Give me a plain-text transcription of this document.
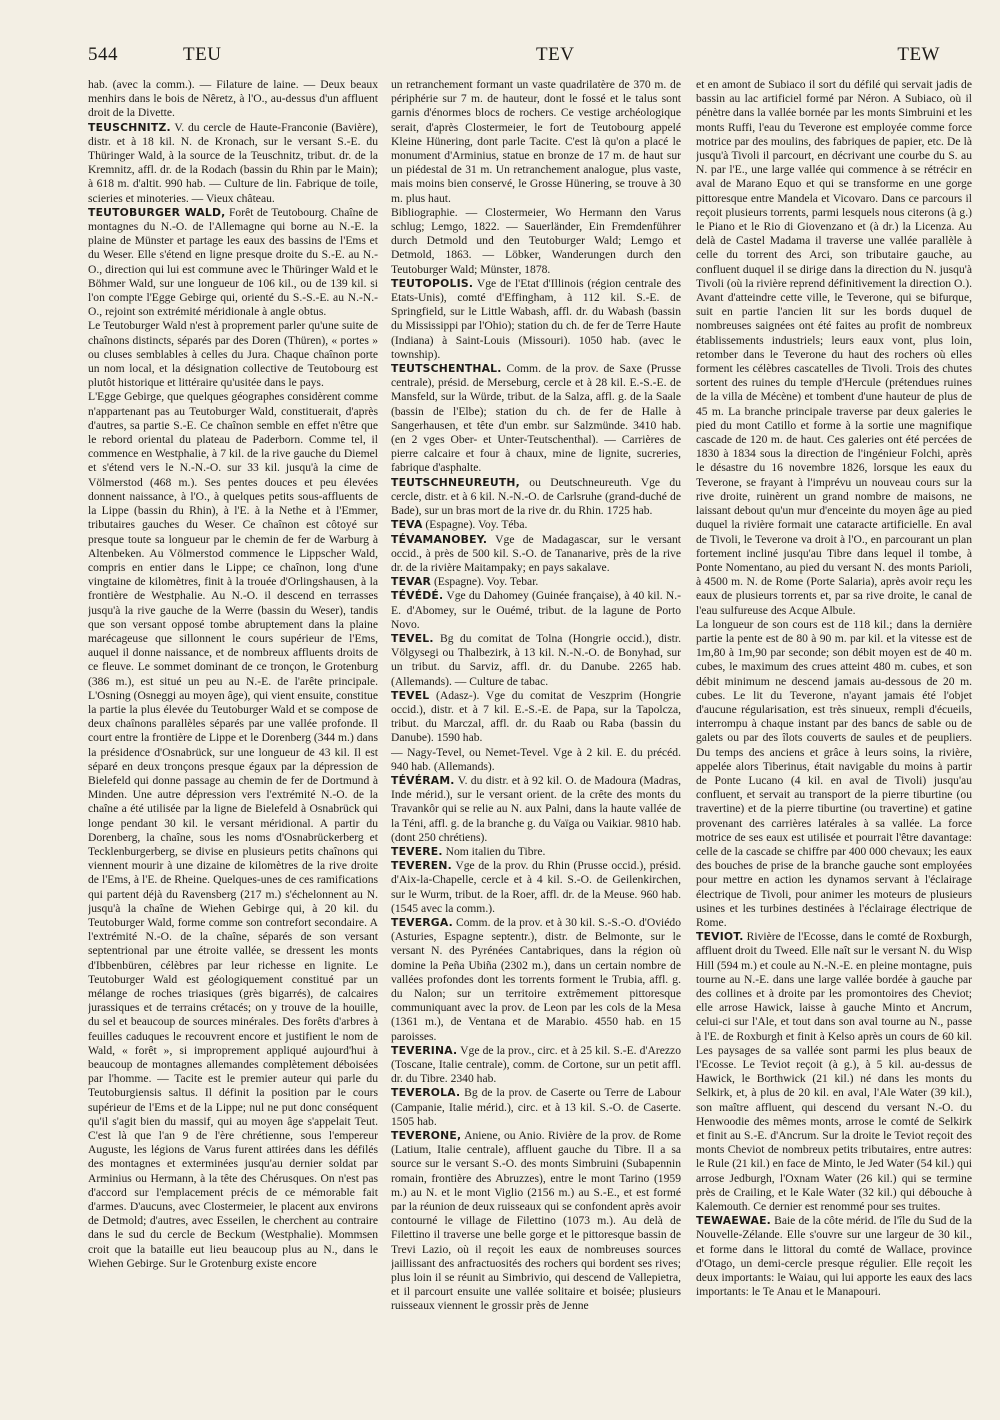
544	TEU	TEV	TEW

hab. (avec la comm.). — Filature de laine. — Deux beaux menhirs dans le bois de Nêretz, à l'O., au-dessus d'un affluent droit de la Divette.

TEUSCHNITZ. V. du cercle de Haute-Franconie (Bavière), distr. et à 18 kil. N. de Kronach, sur le versant S.-E. du Thüringer Wald, à la source de la Teuschnitz, tribut. dr. de la Kremnitz, affl. dr. de la Rodach (bassin du Rhin par le Main); à 618 m. d'altit. 990 hab. — Culture de lin. Fabrique de toile, scieries et minoteries. — Vieux château.

TEUTOBURGER WALD, Forêt de Teutobourg. Chaîne de montagnes du N.-O. de l'Allemagne qui borne au N.-E. la plaine de Münster et partage les eaux des bassins de l'Ems et du Weser. Elle s'étend en ligne presque droite du S.-E. au N.-O., direction qui lui est commune avec le Thüringer Wald et le Böhmer Wald, sur une longueur de 106 kil., ou de 139 kil. si l'on compte l'Egge Gebirge qui, orienté du S.-S.-E. au N.-N.-O., rejoint son extrémité méridionale à angle obtus.

Le Teutoburger Wald n'est à proprement parler qu'une suite de chaînons distincts, séparés par des Doren (Thüren), « portes » ou cluses semblables à celles du Jura. Chaque chaînon porte un nom local, et la désignation collective de Teutobourg est plutôt historique et littéraire qu'usitée dans le pays.

L'Egge Gebirge, que quelques géographes considèrent comme n'appartenant pas au Teutoburger Wald, constituerait, d'après d'autres, sa partie S.-E. Ce chaînon semble en effet n'être que le rebord oriental du plateau de Paderborn. Comme tel, il commence en Westphalie, à 7 kil. de la rive gauche du Diemel et s'étend vers le N.-N.-O. sur 33 kil. jusqu'à la cime de Völmerstod (468 m.). Ses pentes douces et peu élevées donnent naissance, à l'O., à quelques petits sous-affluents de la Lippe (bassin du Rhin), à l'E. à la Nethe et à l'Emmer, tributaires gauches du Weser. Ce chaînon est côtoyé sur presque toute sa longueur par le chemin de fer de Warburg à Altenbeken. Au Völmerstod commence le Lippscher Wald, compris en entier dans le Lippe; ce chaînon, long d'une vingtaine de kilomètres, finit à la trouée d'Orlingshausen, à la frontière de Westphalie. Au N.-O. il descend en terrasses jusqu'à la rive gauche de la Werre (bassin du Weser), tandis que son versant opposé tombe abruptement dans la plaine marécageuse que sillonnent le cours supérieur de l'Ems, auquel il donne naissance, et de nombreux affluents droits de ce fleuve. Le sommet dominant de ce tronçon, le Grotenburg (386 m.), est situé un peu au N.-E. de l'arête principale. L'Osning (Osneggi au moyen âge), qui vient ensuite, constitue la partie la plus élevée du Teutoburger Wald et se compose de deux chaînons parallèles séparés par une vallée profonde. Il court entre la frontière de Lippe et le Dorenberg (344 m.) dans la présidence d'Osnabrück, sur une longueur de 43 kil. Il est séparé en deux tronçons presque égaux par la dépression de Bielefeld qui donne passage au chemin de fer de Dortmund à Minden. Une autre dépression vers l'extrémité N.-O. de la chaîne a été utilisée par la ligne de Bielefeld à Osnabrück qui longe pendant 30 kil. le versant méridional. A partir du Dorenberg, la chaîne, sous les noms d'Osnabrückerberg et Tecklenburgerberg, se divise en plusieurs petits chaînons qui viennent mourir à une dizaine de kilomètres de la rive droite de l'Ems, à l'E. de Rheine. Quelques-unes de ces ramifications qui partent déjà du Ravensberg (217 m.) s'échelonnent au N. jusqu'à la chaîne de Wiehen Gebirge qui, à 20 kil. du Teutoburger Wald, forme comme son contrefort secondaire. A l'extrémité N.-O. de la chaîne, séparés de son versant septentrional par une étroite vallée, se dressent les monts d'Ibbenbüren, célèbres par leur richesse en lignite. Le Teutoburger Wald est géologiquement constitué par un mélange de roches triasiques (grès bigarrés), de calcaires jurassiques et de terrains crétacés; on y trouve de la houille, du sel et beaucoup de sources minérales. Des forêts d'arbres à feuilles caduques le recouvrent encore et justifient le nom de Wald, « forêt », si improprement appliqué aujourd'hui à beaucoup de montagnes allemandes complètement déboisées par l'homme. — Tacite est le premier auteur qui parle du Teutoburgiensis saltus. Il définit la position par le cours supérieur de l'Ems et de la Lippe; nul ne put donc conséquent qu'il s'agit bien du massif, qui au moyen âge s'appelait Teut. C'est là que l'an 9 de l'ère chrétienne, sous l'empereur Auguste, les légions de Varus furent attirées dans les défilés des montagnes et exterminées jusqu'au dernier soldat par Arminius ou Hermann, à la tête des Chérusques. On n'est pas d'accord sur l'emplacement précis de ce mémorable fait d'armes. D'aucuns, avec Clostermeier, le placent aux environs de Detmold; d'autres, avec Esseilen, le cherchent au contraire dans le sud du cercle de Beckum (Westphalie). Mommsen croit que la bataille eut lieu beaucoup plus au N., dans le Wiehen Gebirge. Sur le Grotenburg existe encore

un retranchement formant un vaste quadrilatère de 370 m. de périphérie sur 7 m. de hauteur, dont le fossé et le talus sont garnis d'énormes blocs de rochers. Ce vestige archéologique serait, d'après Clostermeier, le fort de Teutobourg appelé Kleine Hünering, dont parle Tacite. C'est là qu'on a placé le monument d'Arminius, statue en bronze de 17 m. de haut sur un piédestal de 31 m. Un retranchement analogue, plus vaste, mais moins bien conservé, le Grosse Hünering, se trouve à 30 m. plus haut.

Bibliographie. — Clostermeier, Wo Hermann den Varus schlug; Lemgo, 1822. — Sauerländer, Ein Fremdenführer durch Detmold und den Teutoburger Wald; Lemgo et Detmold, 1863. — Löbker, Wanderungen durch den Teutoburger Wald; Münster, 1878.

TEUTOPOLIS. Vge de l'Etat d'Illinois (région centrale des Etats-Unis), comté d'Effingham, à 112 kil. S.-E. de Springfield, sur le Little Wabash, affl. dr. du Wabash (bassin du Mississippi par l'Ohio); station du ch. de fer de Terre Haute (Indiana) à Saint-Louis (Missouri). 1050 hab. (avec le township).

TEUTSCHENTHAL. Comm. de la prov. de Saxe (Prusse centrale), présid. de Merseburg, cercle et à 28 kil. E.-S.-E. de Mansfeld, sur la Würde, tribut. de la Salza, affl. g. de la Saale (bassin de l'Elbe); station du ch. de fer de Halle à Sangerhausen, et tête d'un embr. sur Salzmünde. 3410 hab. (en 2 vges Ober- et Unter-Teutschenthal). — Carrières de pierre calcaire et four à chaux, mine de lignite, sucreries, fabrique d'asphalte.

TEUTSCHNEUREUTH, ou Deutschneureuth. Vge du cercle, distr. et à 6 kil. N.-N.-O. de Carlsruhe (grand-duché de Bade), sur un bras mort de la rive dr. du Rhin. 1725 hab.

TEVA (Espagne). Voy. Téba.

TÉVAMANOBEY. Vge de Madagascar, sur le versant occid., à près de 500 kil. S.-O. de Tananarive, près de la rive dr. de la rivière Maitampaky; en pays sakalave.

TEVAR (Espagne). Voy. Tebar.

TÉVÉDÉ. Vge du Dahomey (Guinée française), à 40 kil. N.-E. d'Abomey, sur le Ouémé, tribut. de la lagune de Porto Novo.

TEVEL. Bg du comitat de Tolna (Hongrie occid.), distr. Völgysegi ou Thalbezirk, à 13 kil. N.-N.-O. de Bonyhad, sur un tribut. du Sarviz, affl. dr. du Danube. 2265 hab. (Allemands). — Culture de tabac.

TEVEL (Adasz-). Vge du comitat de Veszprim (Hongrie occid.), distr. et à 7 kil. E.-S.-E. de Papa, sur la Tapolcza, tribut. du Marczal, affl. dr. du Raab ou Raba (bassin du Danube). 1590 hab.

— Nagy-Tevel, ou Nemet-Tevel. Vge à 2 kil. E. du précéd. 940 hab. (Allemands).

TÉVÉRAM. V. du distr. et à 92 kil. O. de Madoura (Madras, Inde mérid.), sur le versant orient. de la crête des monts du Travankôr qui se relie au N. aux Palni, dans la haute vallée de la Téni, affl. g. de la branche g. du Vaïga ou Vaikiar. 9810 hab. (dont 250 chrétiens).

TEVERE. Nom italien du Tibre.

TEVEREN. Vge de la prov. du Rhin (Prusse occid.), présid. d'Aix-la-Chapelle, cercle et à 4 kil. S.-O. de Geilenkirchen, sur le Wurm, tribut. de la Roer, affl. dr. de la Meuse. 960 hab. (1545 avec la comm.).

TEVERGA. Comm. de la prov. et à 30 kil. S.-S.-O. d'Oviédo (Asturies, Espagne septentr.), distr. de Belmonte, sur le versant N. des Pyrénées Cantabriques, dans la région où domine la Peña Ubiña (2302 m.), dans un certain nombre de vallées profondes dont les torrents forment le Trubia, affl. g. du Nalon; sur un territoire extrêmement pittoresque communiquant avec la prov. de Leon par les cols de la Mesa (1361 m.), de Ventana et de Marabio. 4550 hab. en 15 paroisses.

TEVERINA. Vge de la prov., circ. et à 25 kil. S.-E. d'Arezzo (Toscane, Italie centrale), comm. de Cortone, sur un petit affl. dr. du Tibre. 2340 hab.

TEVEROLA. Bg de la prov. de Caserte ou Terre de Labour (Campanie, Italie mérid.), circ. et à 13 kil. S.-O. de Caserte. 1505 hab.

TEVERONE, Aniene, ou Anio. Rivière de la prov. de Rome (Latium, Italie centrale), affluent gauche du Tibre. Il a sa source sur le versant S.-O. des monts Simbruini (Subapennin romain, frontière des Abruzzes), entre le mont Tarino (1959 m.) au N. et le mont Viglio (2156 m.) au S.-E., et est formé par la réunion de deux ruisseaux qui se confondent après avoir contourné le village de Filettino (1073 m.). Au delà de Filettino il traverse une belle gorge et le pittoresque bassin de Trevi Lazio, où il reçoit les eaux de nombreuses sources jaillissant des anfractuosités des rochers qui bordent ses rives; plus loin il se réunit au Simbrivio, qui descend de Vallepietra, et il parcourt ensuite une vallée solitaire et boisée; plusieurs ruisseaux viennent le grossir près de Jenne

et en amont de Subiaco il sort du défilé qui servait jadis de bassin au lac artificiel formé par Néron. A Subiaco, où il pénètre dans la vallée bornée par les monts Simbruini et les monts Ruffi, l'eau du Teverone est employée comme force motrice par des moulins, des fabriques de papier, etc. De là jusqu'à Tivoli il parcourt, en décrivant une courbe du S. au N. par l'E., une large vallée qui commence à se rétrécir en aval de Marano Equo et qui se transforme en une gorge pittoresque entre Mandela et Vicovaro. Dans ce parcours il reçoit plusieurs torrents, parmi lesquels nous citerons (à g.) le Piano et le Rio di Giovenzano et (à dr.) la Licenza. Au delà de Castel Madama il traverse une vallée parallèle à celle du torrent des Arci, son tributaire gauche, au confluent duquel il se dirige dans la direction du N. jusqu'à Tivoli (où la rivière reprend définitivement la direction O.). Avant d'atteindre cette ville, le Teverone, qui se bifurque, suit en partie l'ancien lit sur les bords duquel de nombreuses saignées ont été faites au profit de nombreux établissements industriels; leurs eaux vont, plus loin, retomber dans le Teverone du haut des rochers où elles forment les célèbres cascatelles de Tivoli. Trois des chutes sortent des ruines du temple d'Hercule (prétendues ruines de la villa de Mécène) et tombent d'une hauteur de plus de 45 m. La branche principale traverse par deux galeries le pied du mont Catillo et forme à la sortie une magnifique cascade de 120 m. de haut. Ces galeries ont été percées de 1830 à 1834 sous la direction de l'ingénieur Folchi, après le désastre du 16 novembre 1826, lorsque les eaux du Teverone, se frayant à l'imprévu un nouveau cours sur la rive droite, ruinèrent un grand nombre de maisons, ne laissant debout qu'un mur d'enceinte du moyen âge au pied duquel la rivière formait une cataracte artificielle. En aval de Tivoli, le Teverone va droit à l'O., en parcourant un plan fortement incliné jusqu'au Tibre dans lequel il tombe, à Ponte Nomentano, au pied du versant N. des monts Parioli, à 4500 m. N. de Rome (Porte Salaria), après avoir reçu les eaux de plusieurs torrents et, par sa rive droite, le canal de l'eau sulfureuse des Acque Albule.

La longueur de son cours est de 118 kil.; dans la dernière partie la pente est de 80 à 90 m. par kil. et la vitesse est de 1m,80 à 1m,90 par seconde; son débit moyen est de 40 m. cubes, le maximum des crues atteint 480 m. cubes, et son débit minimum ne descend jamais au-dessous de 20 m. cubes. Le lit du Teverone, n'ayant jamais été l'objet d'aucune régularisation, est très sinueux, rempli d'écueils, interrompu à chaque instant par des bancs de sable ou de galets ou par des îlots couverts de saules et de peupliers. Du temps des anciens et grâce à leurs soins, la rivière, appelée alors Tiberinus, était navigable du moins à partir de Ponte Lucano (4 kil. en aval de Tivoli) jusqu'au confluent, et servait au transport de la pierre tiburtine (ou travertine) et de la pierre tiburtine (ou travertine) et gatine provenant des carrières latérales à sa vallée. La force motrice de ses eaux est utilisée et pourrait l'être davantage: celle de la cascade se chiffre par 400 000 chevaux; les eaux des bouches de prise de la branche gauche sont employées pour mettre en action les dynamos servant à l'éclairage électrique de Tivoli, pour animer les moteurs de plusieurs usines et les turbines destinées à l'éclairage électrique de Rome.

TEVIOT. Rivière de l'Ecosse, dans le comté de Roxburgh, affluent droit du Tweed. Elle naît sur le versant N. du Wisp Hill (594 m.) et coule au N.-N.-E. en pleine montagne, puis tourne au N.-E. dans une large vallée bordée à gauche par des collines et à droite par les promontoires des Cheviot; elle arrose Hawick, laisse à gauche Minto et Ancrum, celui-ci sur l'Ale, et tout dans son aval tourne au N., passe à l'E. de Roxburgh et finit à Kelso après un cours de 60 kil. Les paysages de sa vallée sont parmi les plus beaux de l'Ecosse. Le Teviot reçoit (à g.), à 5 kil. au-dessus de Hawick, le Borthwick (21 kil.) né dans les monts du Selkirk, et, à plus de 20 kil. en aval, l'Ale Water (39 kil.), son maître affluent, qui descend du versant N.-O. du Henwoodie des mêmes monts, arrose le comté de Selkirk et finit au S.-E. d'Ancrum. Sur la droite le Teviot reçoit des monts Cheviot de nombreux petits tributaires, entre autres: le Rule (21 kil.) en face de Minto, le Jed Water (54 kil.) qui arrose Jedburgh, l'Oxnam Water (26 kil.) qui se termine près de Crailing, et le Kale Water (32 kil.) qui débouche à Kalemouth. Ce dernier est renommé pour ses truites.

TEWAEWAE. Baie de la côte mérid. de l'île du Sud de la Nouvelle-Zélande. Elle s'ouvre sur une largeur de 30 kil., et forme dans le littoral du comté de Wallace, province d'Otago, un demi-cercle presque régulier. Elle reçoit les deux importants: le Waiau, qui lui apporte les eaux des lacs importants: le Te Anau et le Manapouri.
